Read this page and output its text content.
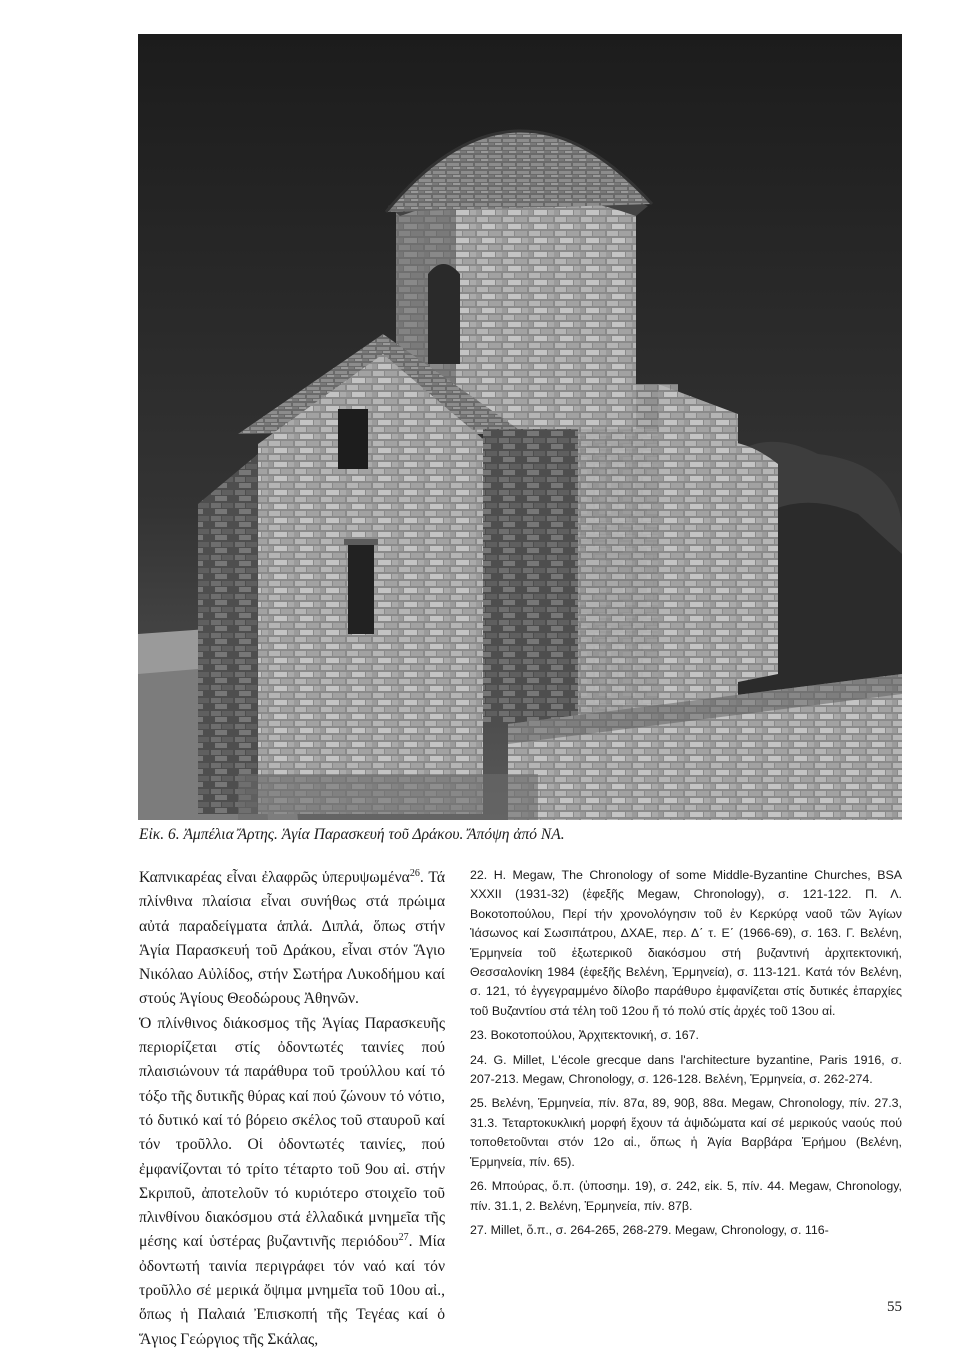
Εἰκ. 6. Ἀμπέλια Ἄρτης. Ἁγία Παρασκευή τοῦ Δράκου. Ἄπόψη ἀπό ΝΑ.

Καπνικαρέας εἶναι ἐλαφρῶς ὑπερυψωμένα$^{26}$. Τά πλίνθινα πλαίσια εἶναι συνήθως στά πρώιμα αὐτά παραδείγματα ἁπλά. Διπλά, ὅπως στήν Ἁγία Παρασκευή τοῦ Δράκου, εἶναι στόν Ἅγιο Νικόλαο Αὐλίδος, στήν Σωτήρα Λυκοδήμου καί στούς Ἁγίους Θεοδώρους Ἀθηνῶν.

Ὁ πλίνθινος διάκοσμος τῆς Ἁγίας Παρασκευῆς περιορίζεται στίς ὀδοντωτές ταινίες πού πλαισιώνουν τά παράθυρα τοῦ τρούλλου καί τό τόξο τῆς δυτικῆς θύρας καί πού ζώνουν τό νότιο, τό δυτικό καί τό βόρειο σκέλος τοῦ σταυροῦ καί τόν τροῦλλο. Οἱ ὀδοντωτές ταινίες, πού ἐμφανίζονται τό τρίτο τέταρτο τοῦ 9ου αἰ. στήν Σκριποῦ, ἀποτελοῦν τό κυριότερο στοιχεῖο τοῦ πλινθίνου διακόσμου στά ἑλλαδικά μνημεῖα τῆς μέσης καί ὑστέρας βυζαντινῆς περιόδου$^{27}$. Μία ὀδοντωτή ταινία περιγράφει τόν ναό καί τόν τροῦλλο σέ μερικά ὄψιμα μνημεῖα τοῦ 10ου αἰ., ὅπως ἡ Παλαιά Ἐπισκοπή τῆς Τεγέας καί ὁ Ἅγιος Γεώργιος τῆς Σκάλας,

22. Η. Megaw, The Chronology of some Middle-Byzantine Churches, BSA XXXII (1931-32) (ἐφεξῆς Megaw, Chronology), σ. 121-122. Π. Λ. Βοκοτοπούλου, Περί τήν χρονολόγησιν τοῦ ἐν Κερκύρᾳ ναοῦ τῶν Ἁγίων Ἰάσωνος καί Σωσιπάτρου, ΔΧΑΕ, περ. Δ΄ τ. Ε΄ (1966-69), σ. 163. Γ. Βελένη, Ἑρμηνεία τοῦ ἐξωτερικοῦ διακόσμου στή βυζαντινή ἀρχιτεκτονική, Θεσσαλονίκη 1984 (ἐφεξῆς Βελένη, Ἑρμηνεία), σ. 113-121. Κατά τόν Βελένη, σ. 121, τό ἐγγεγραμμένο δίλοβο παράθυρο ἐμφανίζεται στίς δυτικές ἐπαρχίες τοῦ Βυζαντίου στά τέλη τοῦ 12ου ἤ τό πολύ στίς ἀρχές τοῦ 13ου αἰ.

23. Βοκοτοπούλου, Ἀρχιτεκτονική, σ. 167.

24. G. Millet, L'école grecque dans l'architecture byzantine, Paris 1916, σ. 207-213. Megaw, Chronology, σ. 126-128. Βελένη, Ἑρμηνεία, σ. 262-274.

25. Βελένη, Ἑρμηνεία, πίν. 87α, 89, 90β, 88α. Megaw, Chronology, πίν. 27.3, 31.3. Τεταρτοκυκλική μορφή ἔχουν τά ἀψιδώματα καί σέ μερικούς ναούς πού τοποθετοῦνται στόν 12ο αἰ., ὅπως ἡ Ἁγία Βαρβάρα Ἐρήμου (Βελένη, Ἑρμηνεία, πίν. 65).

26. Μπούρας, ὅ.π. (ὑποσημ. 19), σ. 242, εἰκ. 5, πίν. 44. Megaw, Chronology, πίν. 31.1, 2. Βελένη, Ἑρμηνεία, πίν. 87β.

27. Millet, ὅ.π., σ. 264-265, 268-279. Megaw, Chronology, σ. 116-

55
